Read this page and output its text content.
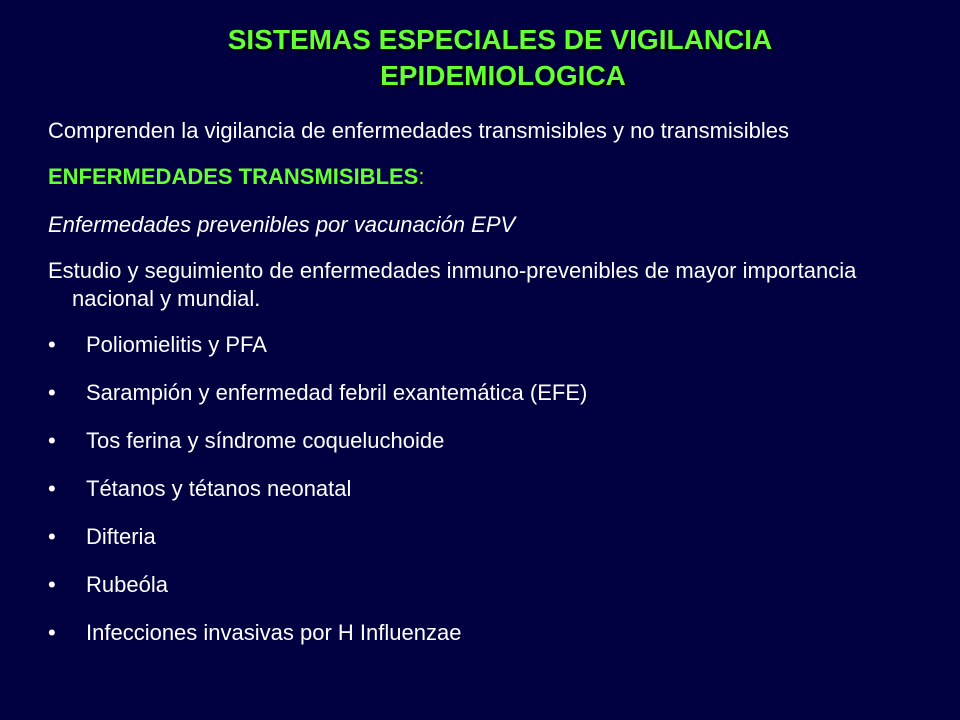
SISTEMAS ESPECIALES DE VIGILANCIA
EPIDEMIOLOGICA

Comprenden la vigilancia de enfermedades transmisibles y no transmisibles

ENFERMEDADES TRANSMISIBLES:

Enfermedades prevenibles por vacunación EPV

Estudio y seguimiento de enfermedades inmuno-prevenibles de mayor importancia nacional y mundial.

• Poliomielitis y PFA
• Sarampión y enfermedad febril exantemática (EFE)
• Tos ferina y síndrome coqueluchoide
• Tétanos y tétanos neonatal
• Difteria
• Rubeóla
• Infecciones invasivas por H Influenzae
